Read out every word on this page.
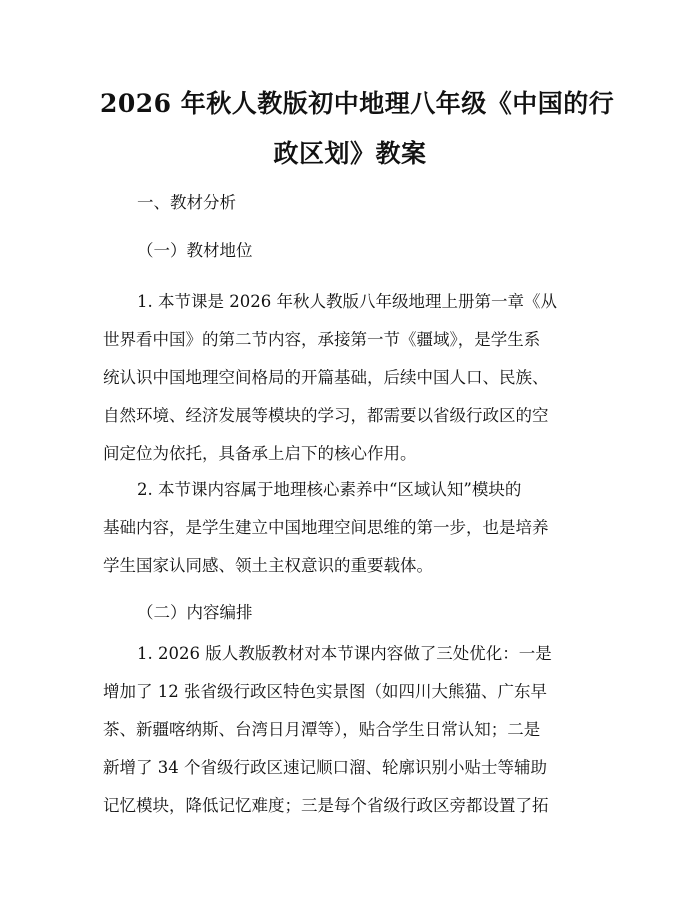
2026 年秋人教版初中地理八年级《中国的行
政区划》教案
一、教材分析
（一）教材地位
1. 本节课是 2026 年秋人教版八年级地理上册第一章《从
世界看中国》的第二节内容，承接第一节《疆域》，是学生系
统认识中国地理空间格局的开篇基础，后续中国人口、民族、
自然环境、经济发展等模块的学习，都需要以省级行政区的空
间定位为依托，具备承上启下的核心作用。
2. 本节课内容属于地理核心素养中“区域认知”模块的
基础内容，是学生建立中国地理空间思维的第一步，也是培养
学生国家认同感、领土主权意识的重要载体。
（二）内容编排
1. 2026 版人教版教材对本节课内容做了三处优化：一是
增加了 12 张省级行政区特色实景图（如四川大熊猫、广东早
茶、新疆喀纳斯、台湾日月潭等），贴合学生日常认知；二是
新增了 34 个省级行政区速记顺口溜、轮廓识别小贴士等辅助
记忆模块，降低记忆难度；三是每个省级行政区旁都设置了拓
